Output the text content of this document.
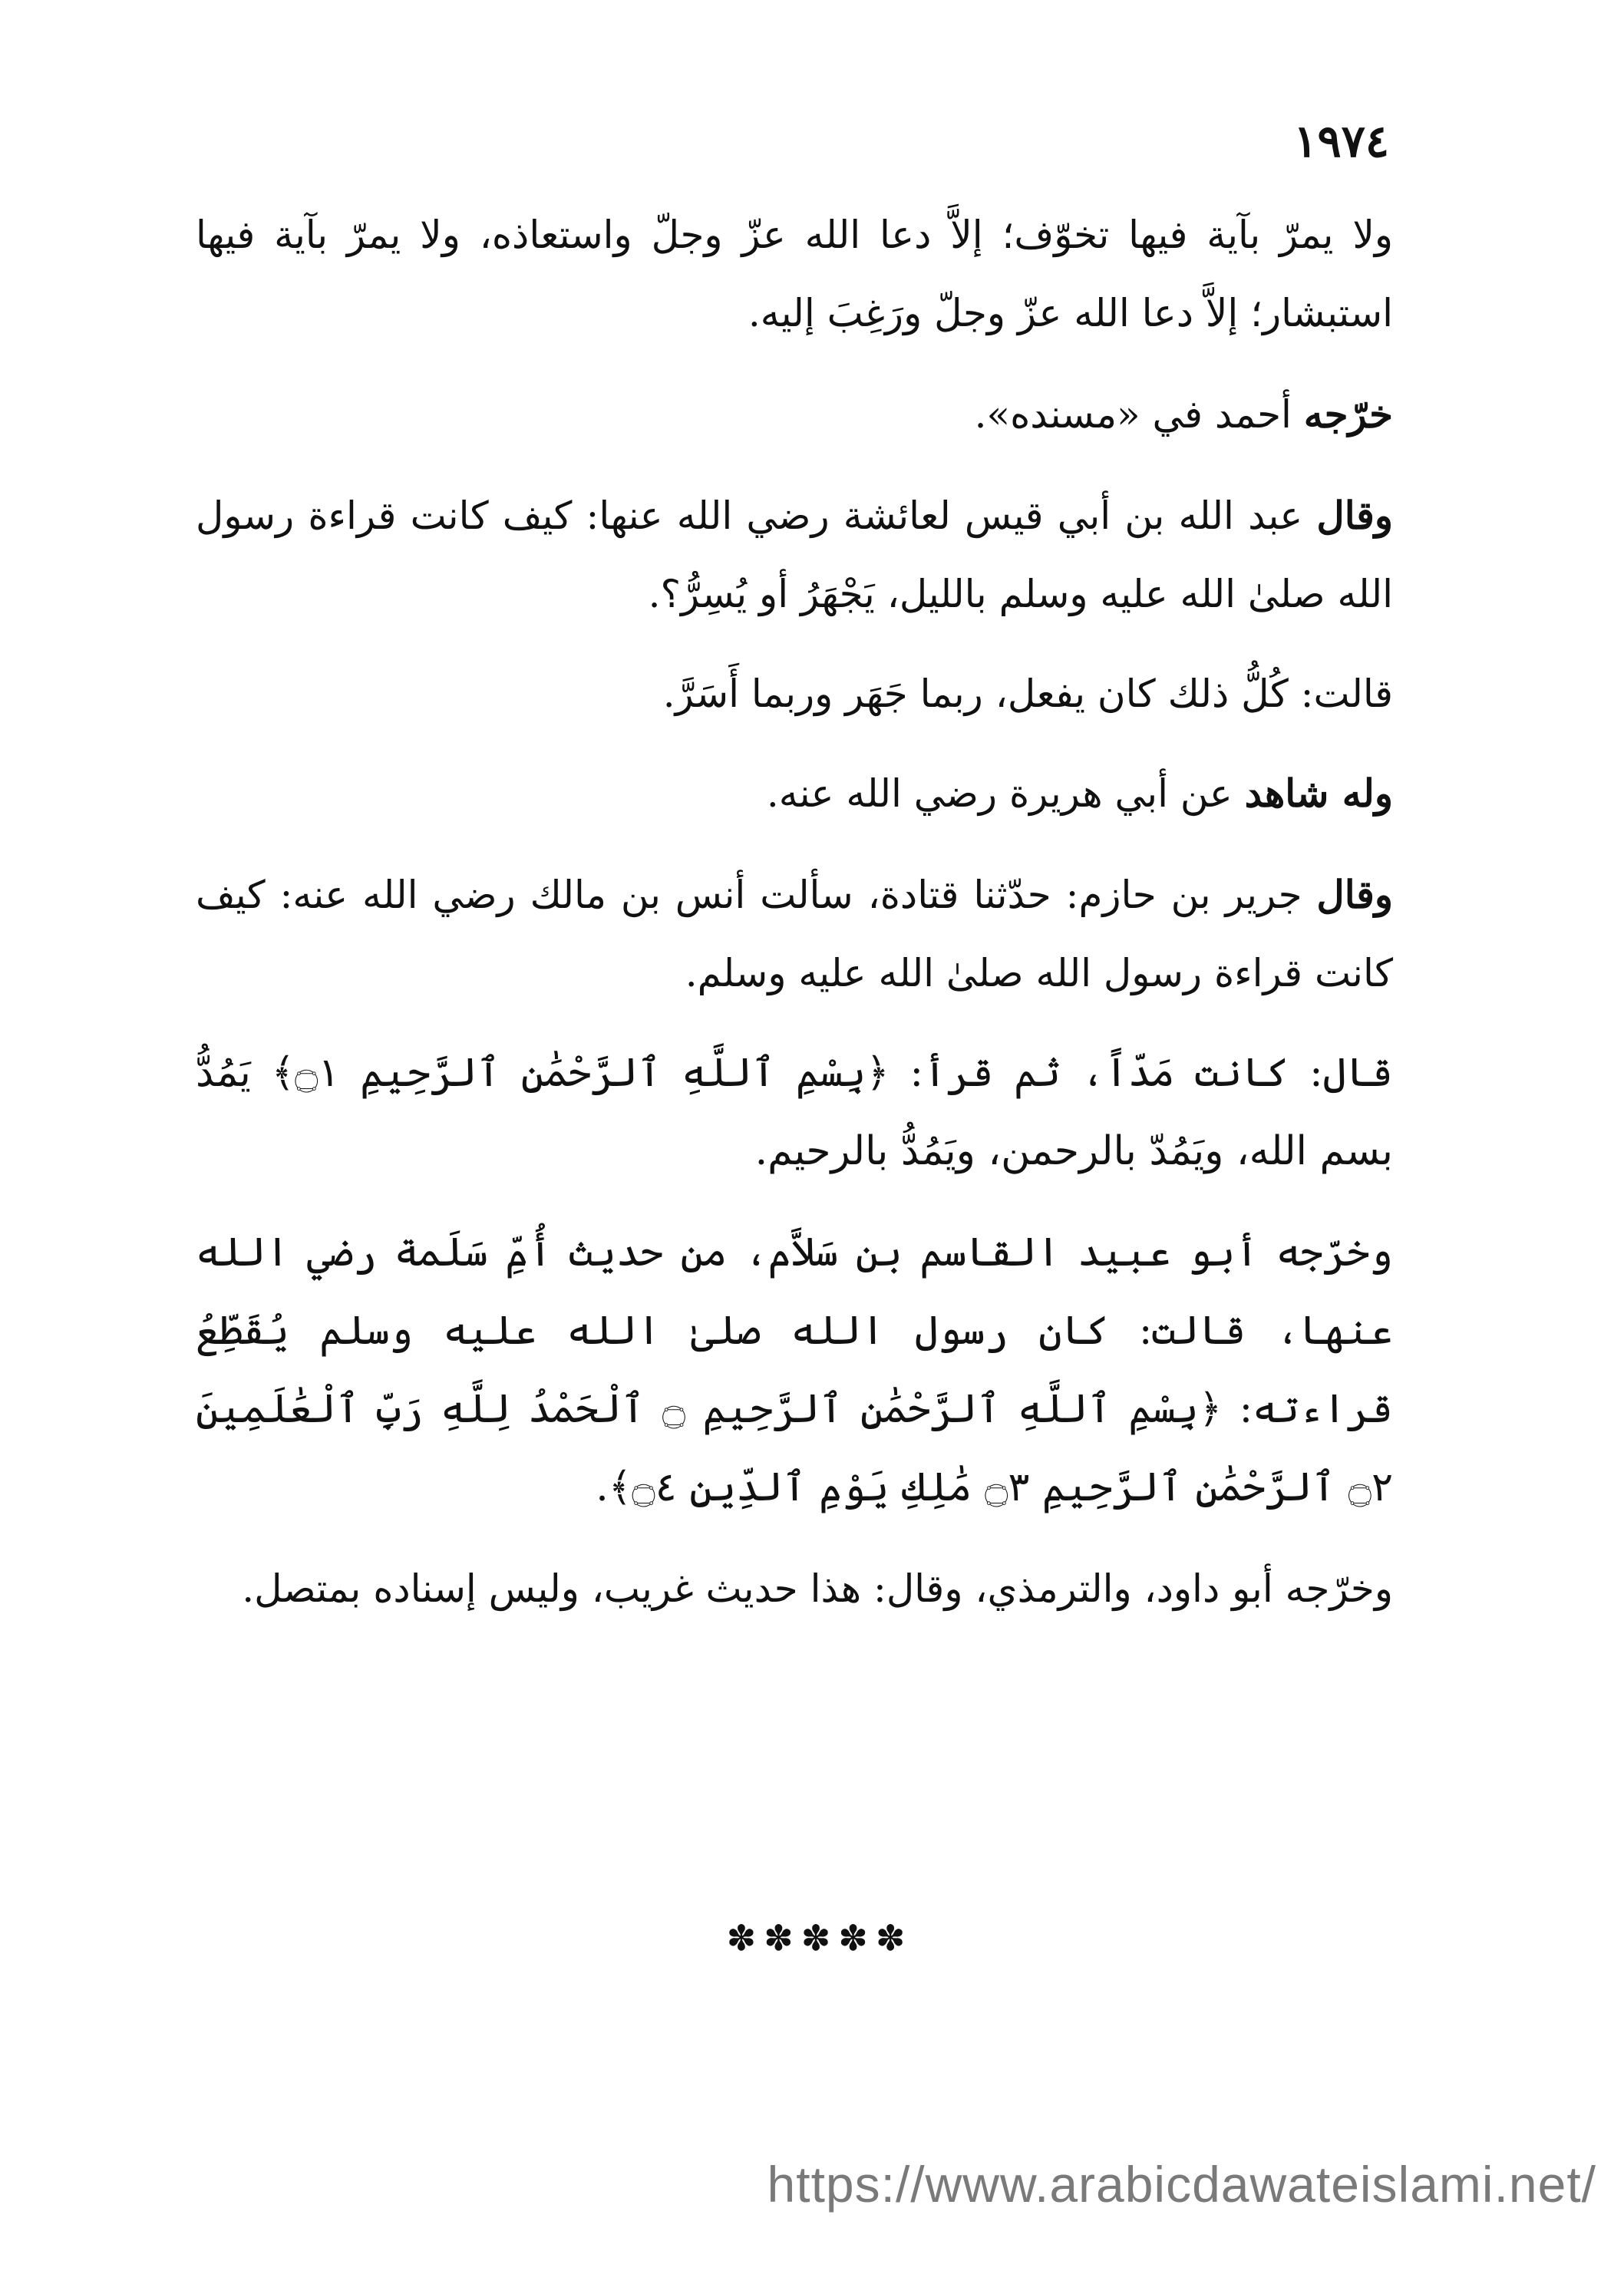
١٩٧٤

ولا يمرّ بآية فيها تخوّف؛ إلاَّ دعا الله عزّ وجلّ واستعاذه، ولا يمرّ بآية فيها استبشار؛ إلاَّ دعا الله عزّ وجلّ ورَغِبَ إليه.

خرّجه أحمد في «مسنده».

وقال عبد الله بن أبي قيس لعائشة رضي الله عنها: كيف كانت قراءة رسول الله صلىٰ الله عليه وسلم بالليل، يَجْهَرُ أو يُسِرُّ؟.

قالت: كُلُّ ذلك كان يفعل، ربما جَهَر وربما أَسَرَّ.

وله شاهد عن أبي هريرة رضي الله عنه.

وقال جرير بن حازم: حدّثنا قتادة، سألت أنس بن مالك رضي الله عنه: كيف كانت قراءة رسول الله صلىٰ الله عليه وسلم.

قال: كانت مَدّاً، ثم قرأ: ﴿بِسْمِ ٱللَّهِ ٱلرَّحْمَٰنِ ٱلرَّحِيمِ ۝١﴾ يَمُدُّ بسم الله، ويَمُدّ بالرحمن، ويَمُدُّ بالرحيم.

وخرّجه أبو عبيد القاسم بن سَلاَّم، من حديث أُمِّ سَلَمة رضي الله عنها، قالت: كان رسول الله صلىٰ الله عليه وسلم يُقَطِّعُ قراءته: ﴿بِسْمِ ٱللَّهِ ٱلرَّحْمَٰنِ ٱلرَّحِيمِ ۝ ٱلْحَمْدُ لِلَّهِ رَبِّ ٱلْعَٰلَمِينَ ۝٢ ٱلرَّحْمَٰنِ ٱلرَّحِيمِ ۝٣ مَٰلِكِ يَوْمِ ٱلدِّينِ ۝٤﴾.

وخرّجه أبو داود، والترمذي، وقال: هذا حديث غريب، وليس إسناده بمتصل.

✽✽✽✽✽
https://www.arabicdawateislami.net/
